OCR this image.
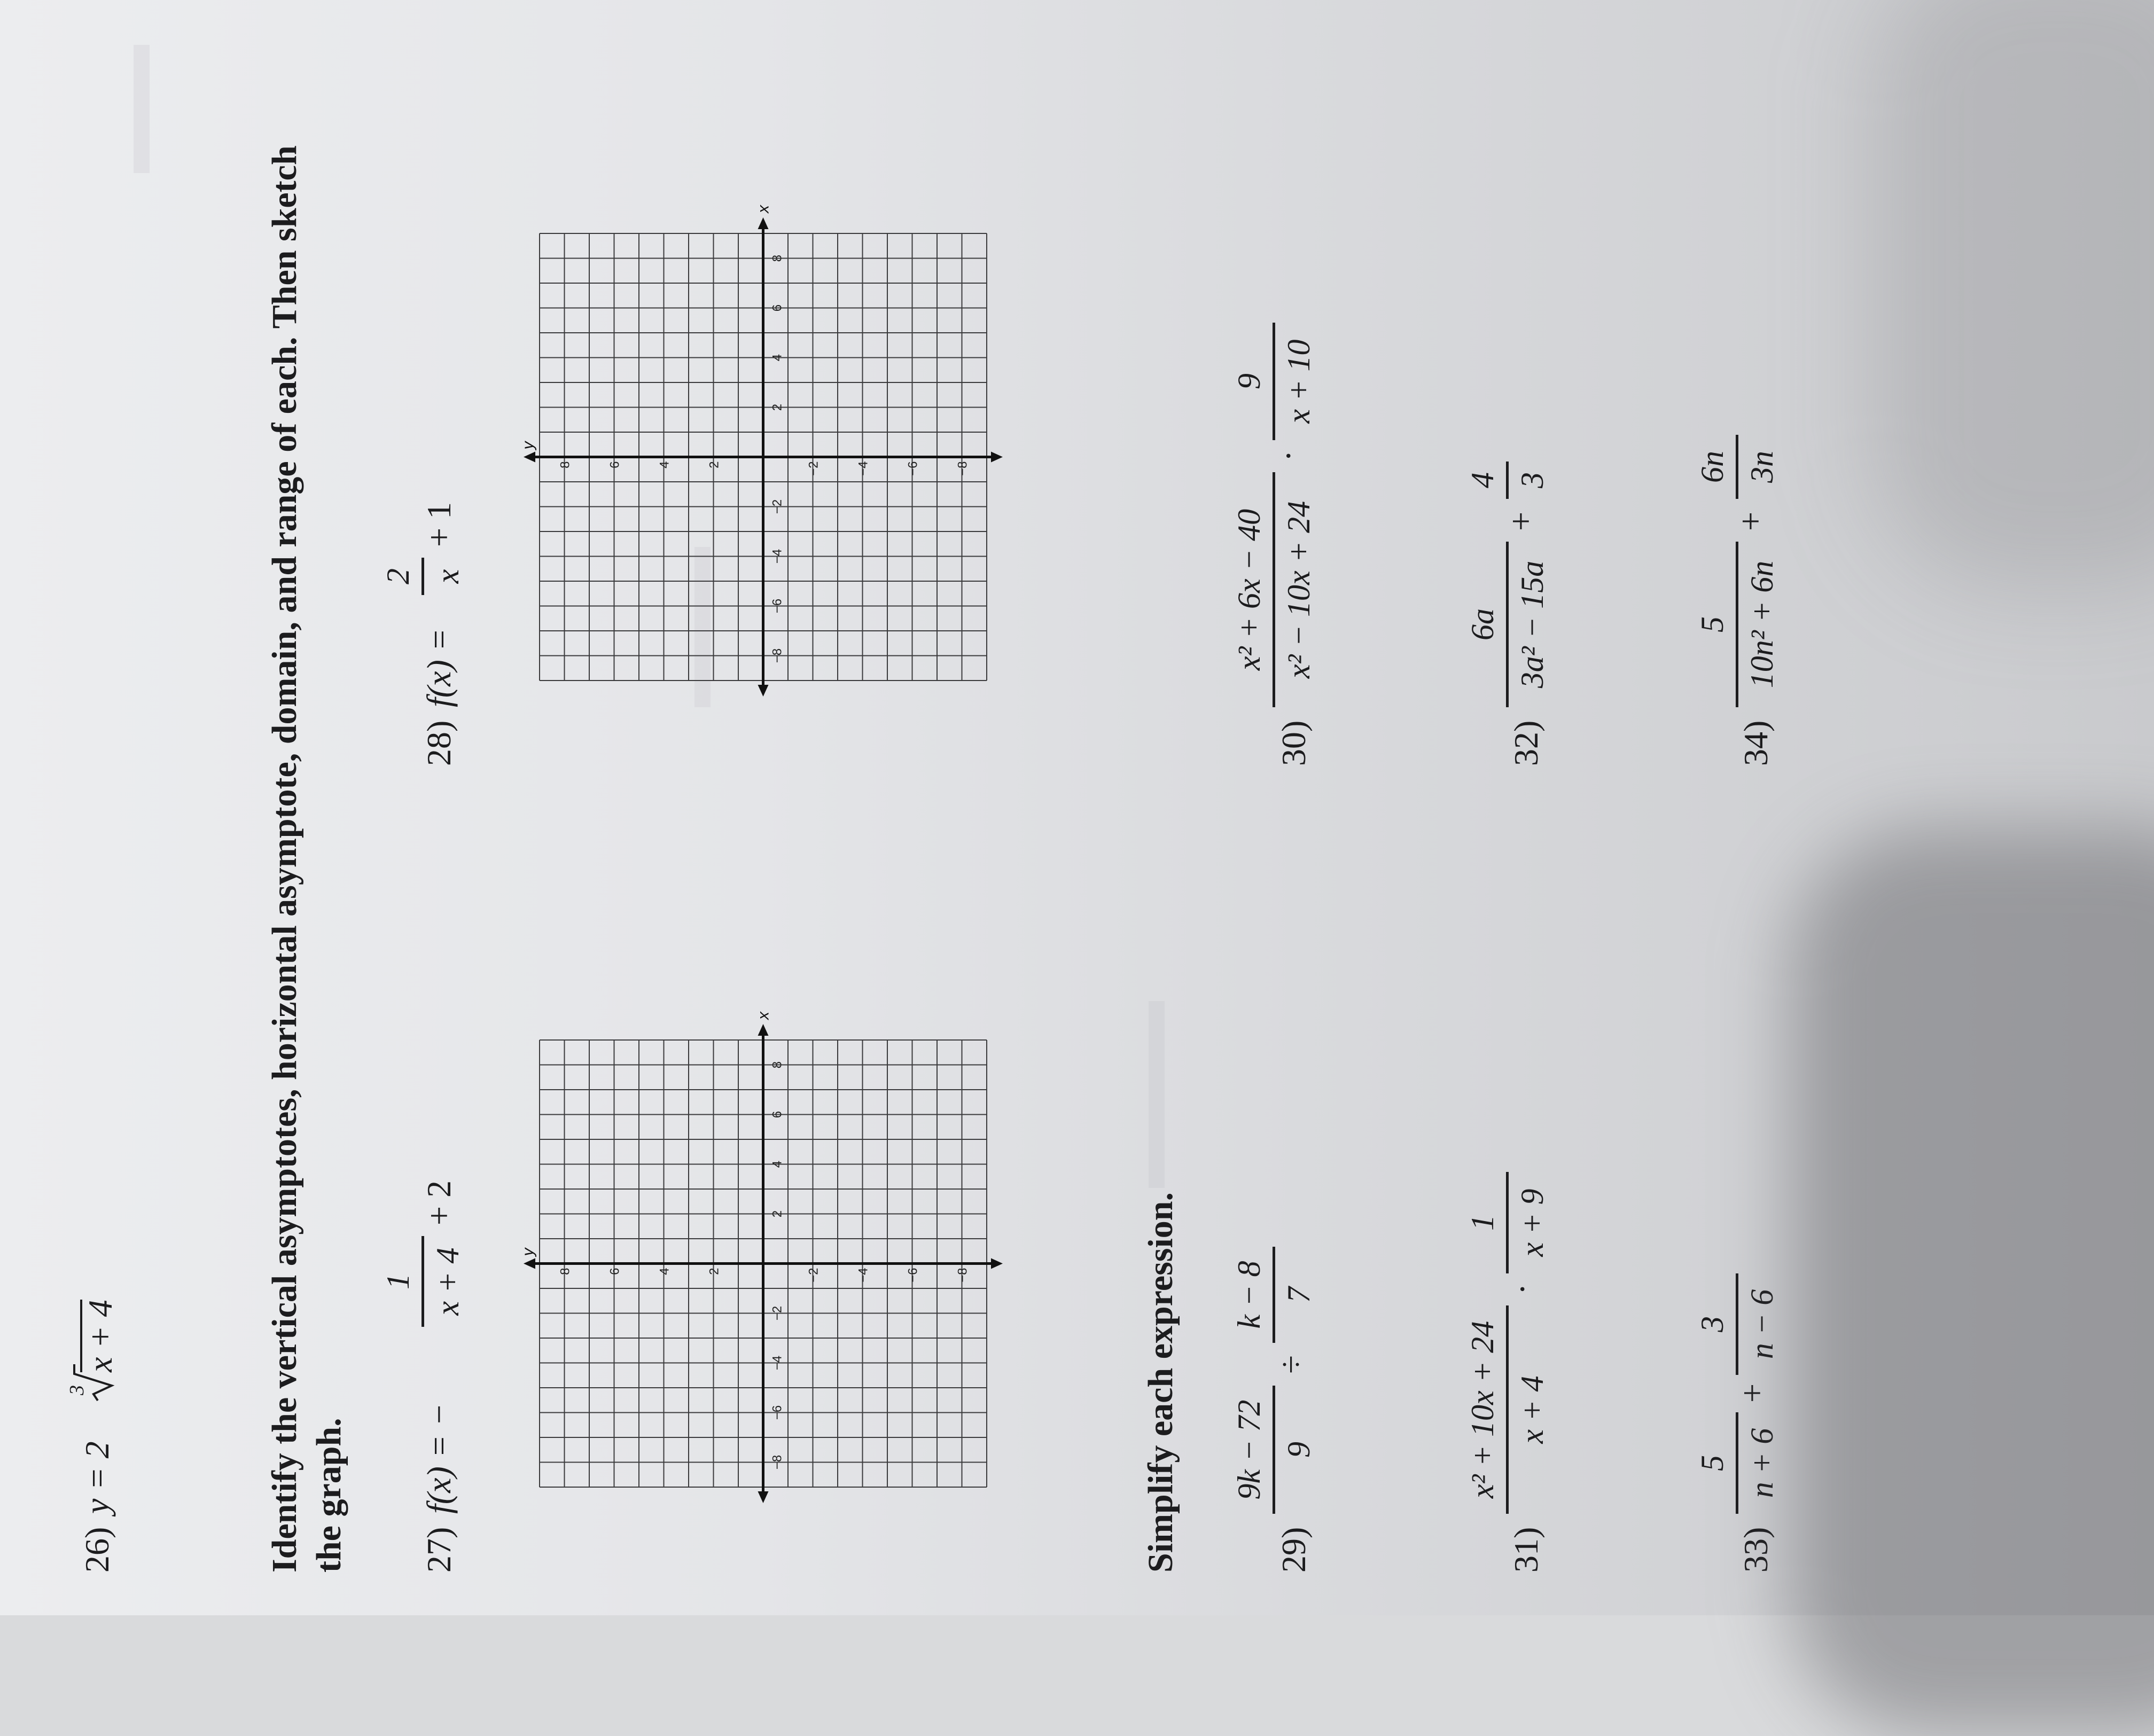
26)
y = 2
3
x + 4	Identify the vertical asymptotes, horizontal asymptote, domain, and range of each. Then sketch the graph. 27)
f(x) = −
1 x + 4
+ 2
28)
f(x) =
2 x
+ 1
y
x
−8
−6
−4
−2
2
4
6
8
8	6	4	2	−2	−4	−6	−8
y
x
−8
−6
−4
−2
2
4
6
8
8	6	4	2	−2	−4	−6	−8
Simplify each expression.	29)
9k − 72 9
÷
k − 8 7
30)
x² + 6x − 40 x² − 10x + 24
·
9 x + 10
31)
x² + 10x + 24 x + 4
·
1 x + 9
32)
6a 3a² − 15a
+
4 3
33)
5 n + 6
+
3 n − 6
34)
5 10n² + 6n
+
6n 3n
